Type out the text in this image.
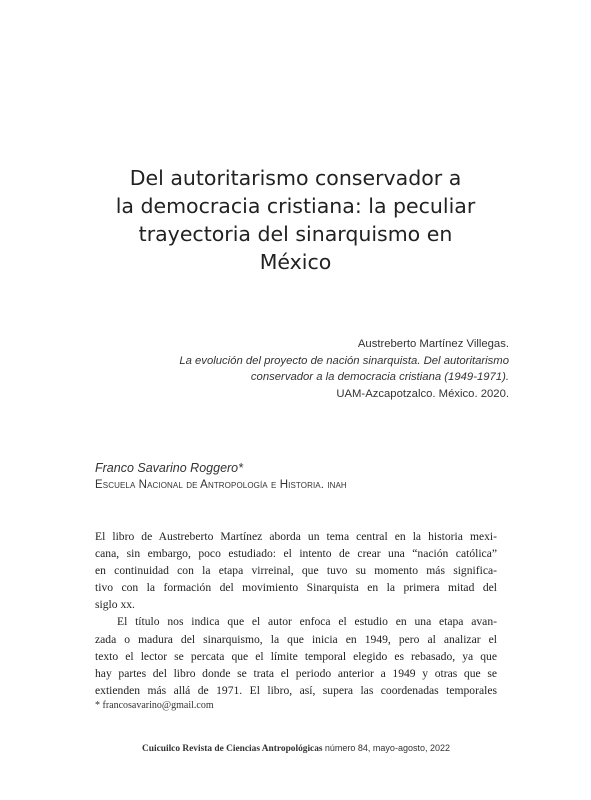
Del autoritarismo conservador a
la democracia cristiana: la peculiar
trayectoria del sinarquismo en
México
Austreberto Martínez Villegas.
La evolución del proyecto de nación sinarquista. Del autoritarismo
conservador a la democracia cristiana (1949-1971).
UAM-Azcapotzalco. México. 2020.
Franco Savarino Roggero*
Escuela Nacional de Antropología e Historia. inah
El libro de Austreberto Martínez aborda un tema central en la historia mexi-
cana, sin embargo, poco estudiado: el intento de crear una “nación católica”
en continuidad con la etapa virreinal, que tuvo su momento más significa-
tivo con la formación del movimiento Sinarquista en la primera mitad del
siglo xx.
El título nos indica que el autor enfoca el estudio en una etapa avan-
zada o madura del sinarquismo, la que inicia en 1949, pero al analizar el
texto el lector se percata que el límite temporal elegido es rebasado, ya que
hay partes del libro donde se trata el periodo anterior a 1949 y otras que se
extienden más allá de 1971. El libro, así, supera las coordenadas temporales
* francosavarino@gmail.com
Cuicuilco Revista de Ciencias Antropológicas número 84, mayo-agosto, 2022
